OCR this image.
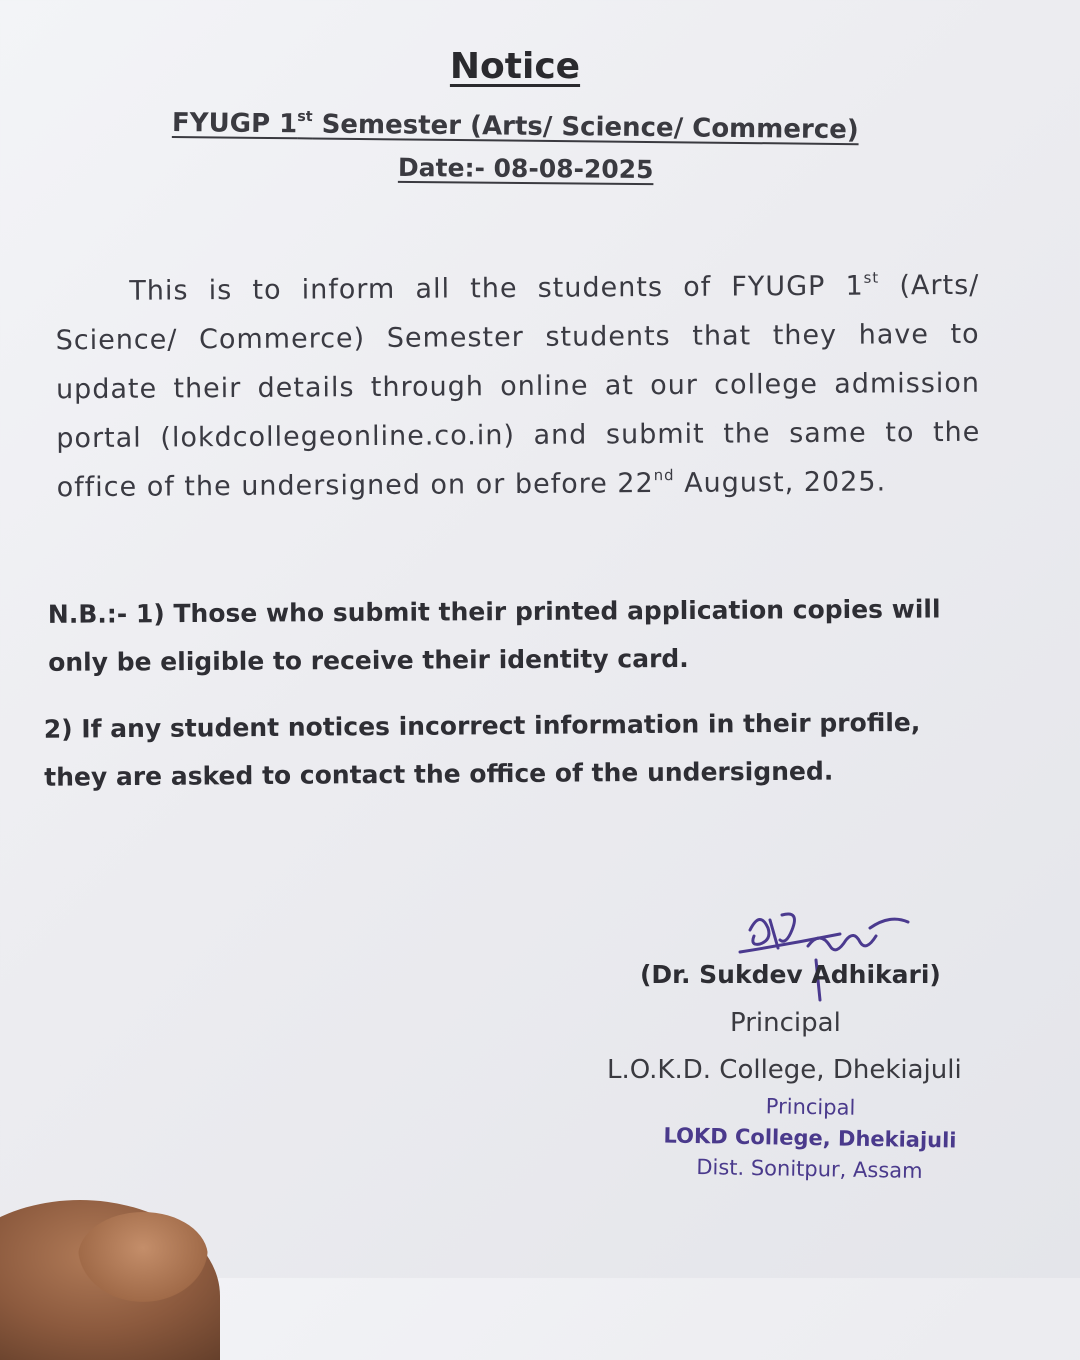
Notice
FYUGP 1st Semester (Arts/ Science/ Commerce)
Date:- 08-08-2025
This is to inform all the students of FYUGP 1st (Arts/ Science/ Commerce) Semester students that they have to update their details through online at our college admission portal (lokdcollegeonline.co.in) and submit the same to the office of the undersigned on or before 22nd August, 2025.
N.B.:- 1) Those who submit their printed application copies will only be eligible to receive their identity card.
2) If any student notices incorrect information in their profile, they are asked to contact the office of the undersigned.
(Dr. Sukdev Adhikari)
Principal
L.O.K.D. College, Dhekiajuli
Principal
LOKD College, Dhekiajuli
Dist. Sonitpur, Assam
